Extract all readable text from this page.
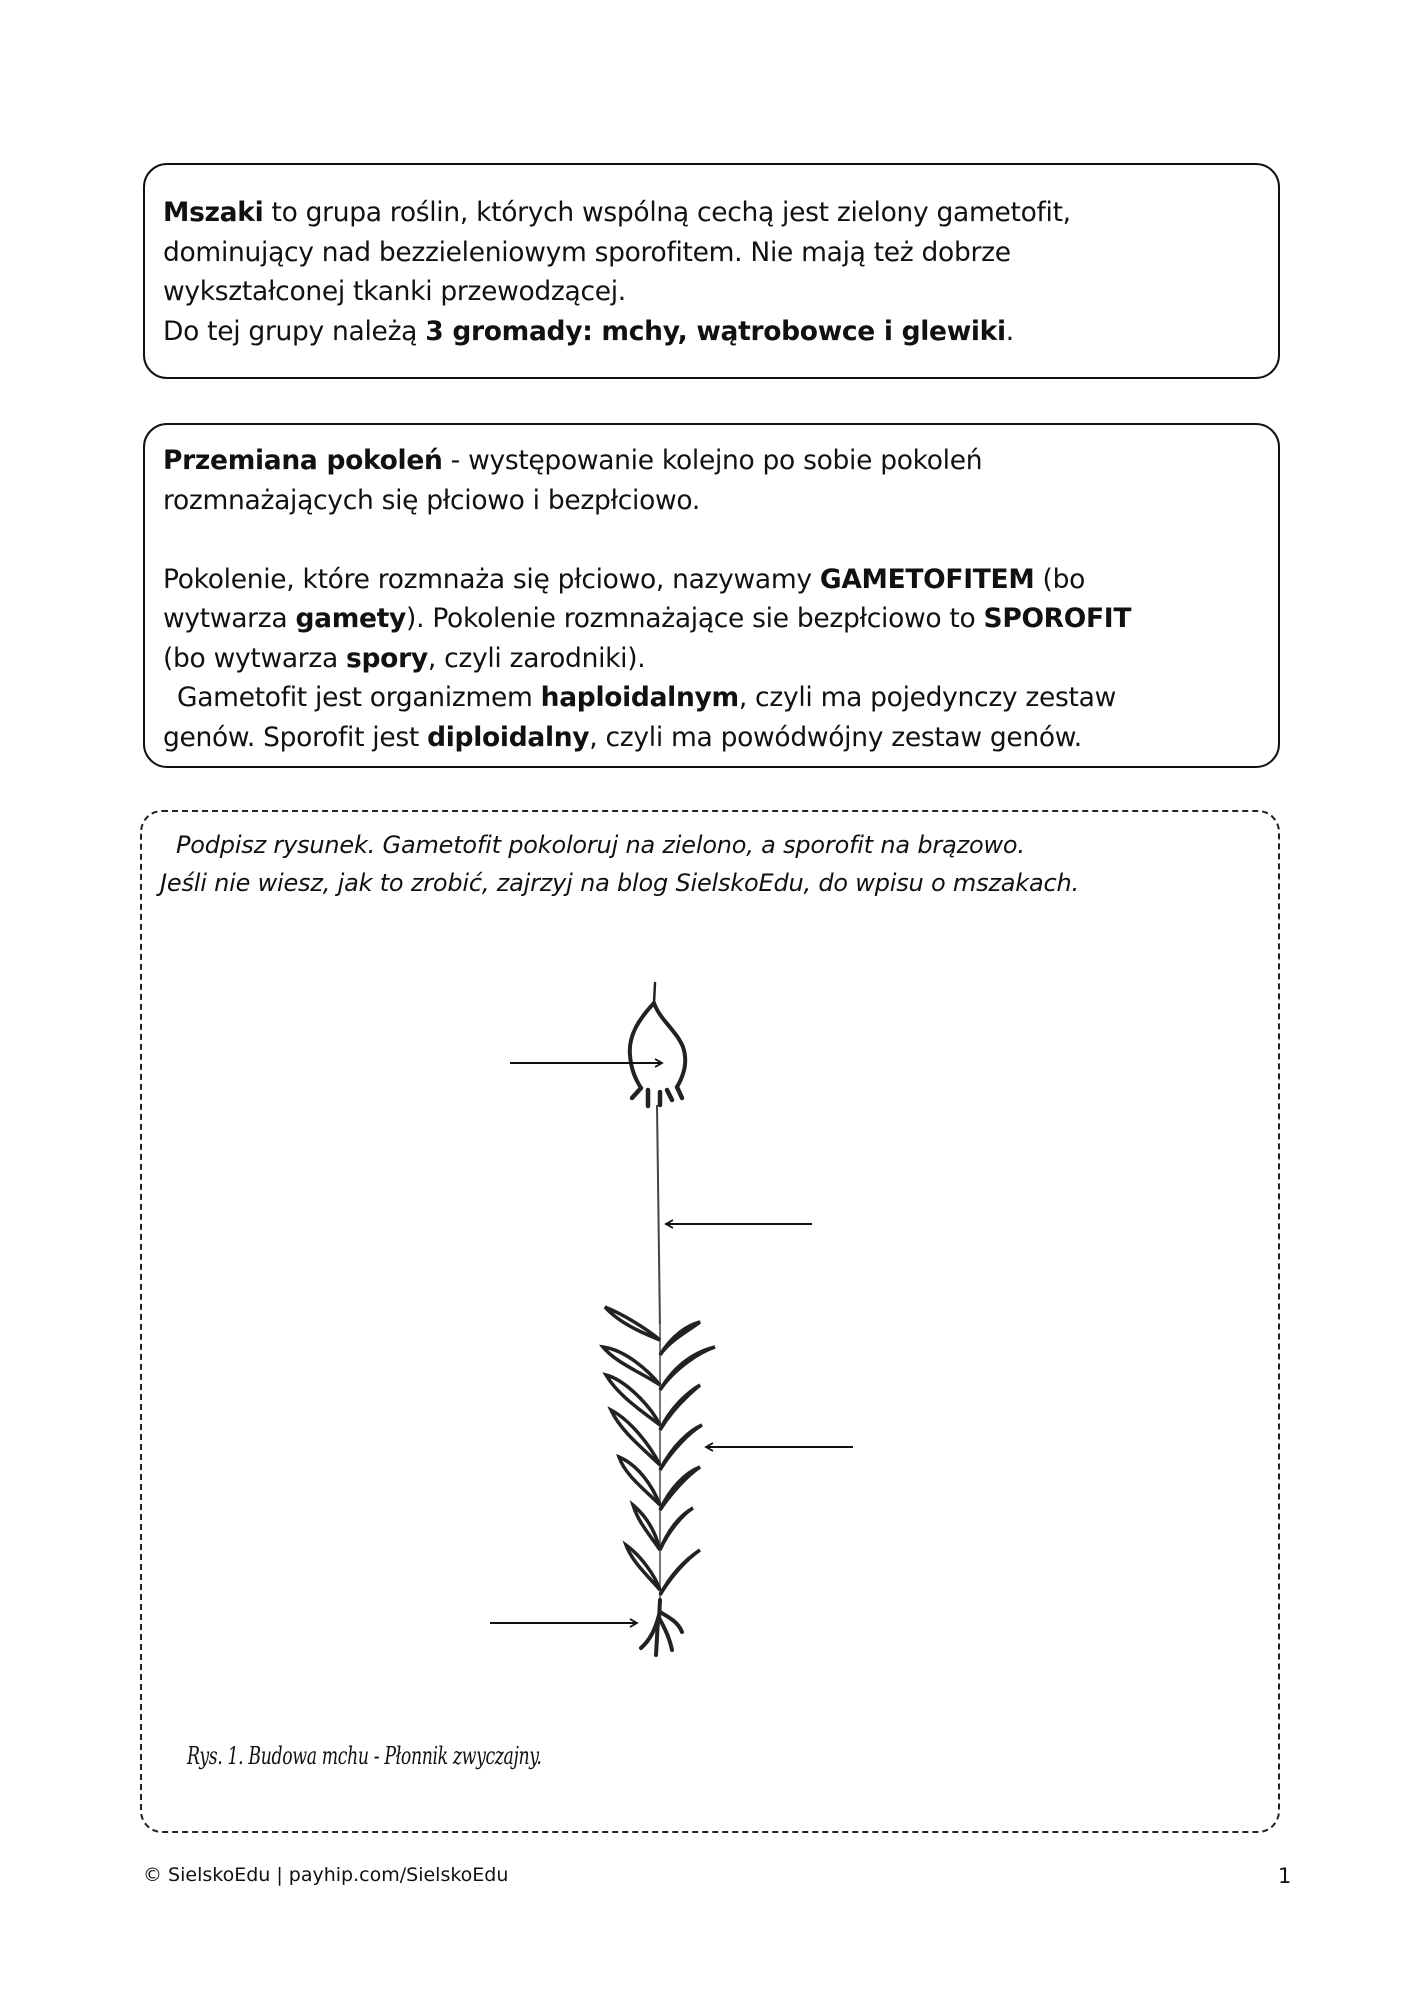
Mszaki to grupa roślin, których wspólną cechą jest zielony gametofit,
dominujący nad bezzieleniowym sporofitem. Nie mają też dobrze
wykształconej tkanki przewodzącej.
Do tej grupy należą 3 gromady: mchy, wątrobowce i glewiki.
Przemiana pokoleń - występowanie kolejno po sobie pokoleń
rozmnażających się płciowo i bezpłciowo.
Pokolenie, które rozmnaża się płciowo, nazywamy GAMETOFITEM (bo
wytwarza gamety). Pokolenie rozmnażające sie bezpłciowo to SPOROFIT
(bo wytwarza spory, czyli zarodniki).
Gametofit jest organizmem haploidalnym, czyli ma pojedynczy zestaw
genów. Sporofit jest diploidalny, czyli ma powódwójny zestaw genów.
Podpisz rysunek. Gametofit pokoloruj na zielono, a sporofit na brązowo.
Jeśli nie wiesz, jak to zrobić, zajrzyj na blog SielskoEdu, do wpisu o mszakach.
Rys. 1. Budowa mchu - Płonnik zwyczajny.
© SielskoEdu | payhip.com/SielskoEdu	1
